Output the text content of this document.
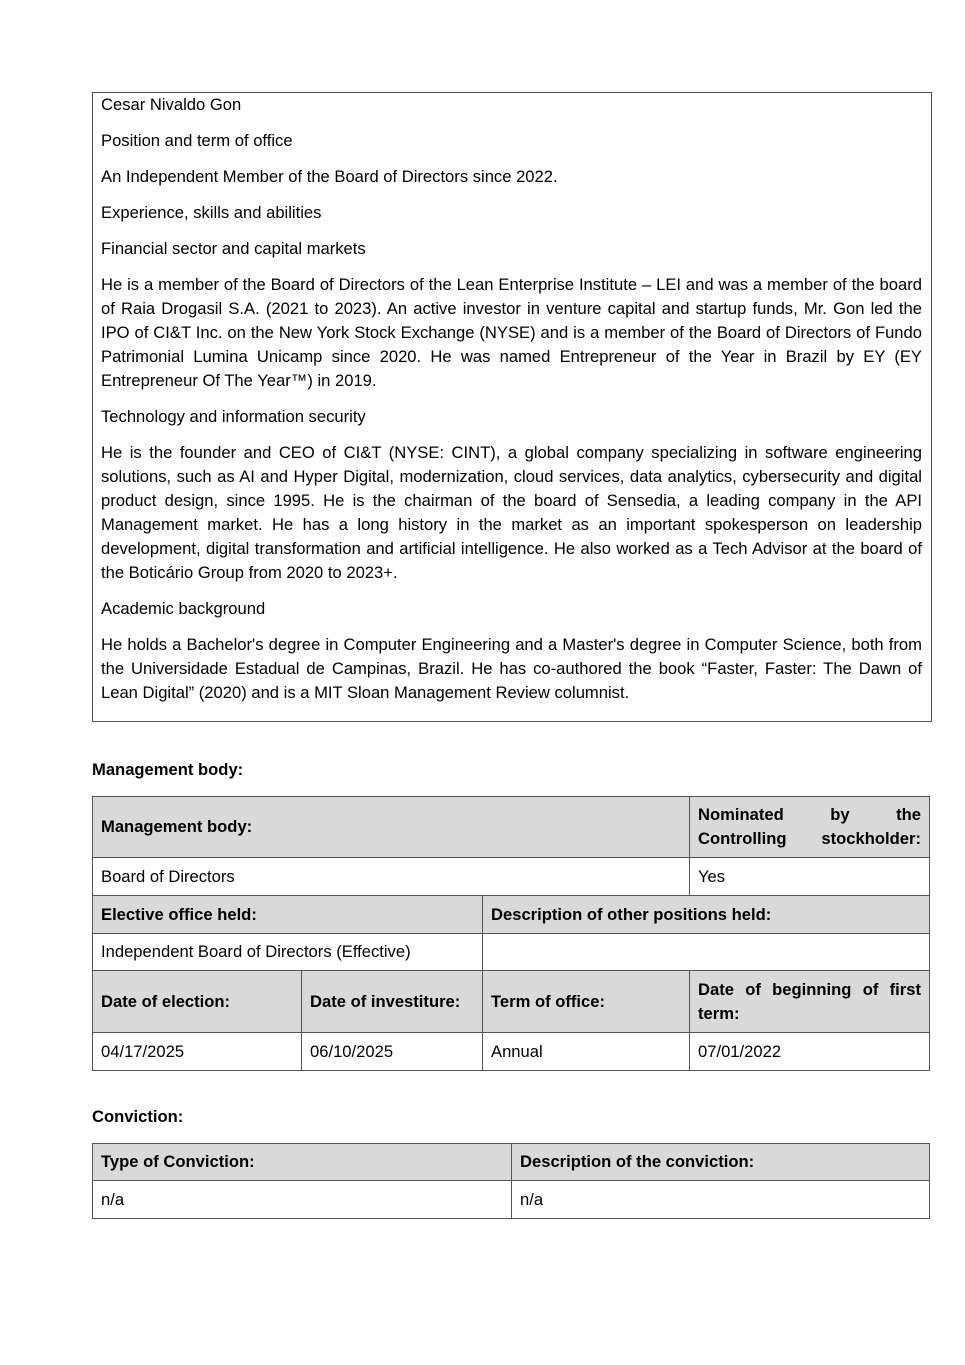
Cesar Nivaldo Gon

Position and term of office

An Independent Member of the Board of Directors since 2022.

Experience, skills and abilities

Financial sector and capital markets

He is a member of the Board of Directors of the Lean Enterprise Institute – LEI and was a member of the board of Raia Drogasil S.A. (2021 to 2023). An active investor in venture capital and startup funds, Mr. Gon led the IPO of CI&T Inc. on the New York Stock Exchange (NYSE) and is a member of the Board of Directors of Fundo Patrimonial Lumina Unicamp since 2020. He was named Entrepreneur of the Year in Brazil by EY (EY Entrepreneur Of The Year™) in 2019.

Technology and information security

He is the founder and CEO of CI&T (NYSE: CINT), a global company specializing in software engineering solutions, such as AI and Hyper Digital, modernization, cloud services, data analytics, cybersecurity and digital product design, since 1995. He is the chairman of the board of Sensedia, a leading company in the API Management market. He has a long history in the market as an important spokesperson on leadership development, digital transformation and artificial intelligence. He also worked as a Tech Advisor at the board of the Boticário Group from 2020 to 2023+.

Academic background

He holds a Bachelor's degree in Computer Engineering and a Master's degree in Computer Science, both from the Universidade Estadual de Campinas, Brazil. He has co-authored the book “Faster, Faster: The Dawn of Lean Digital” (2020) and is a MIT Sloan Management Review columnist.

Management body:
Management body:			Nominated by the Controlling stockholder:
Board of Directors			Yes
Elective office held:		Description of other positions held:	
Independent Board of Directors (Effective)			
Date of election:	Date of investiture:	Term of office:	Date of beginning of first term:
04/17/2025	06/10/2025	Annual	07/01/2022
Conviction:
Type of Conviction:	Description of the conviction:
n/a	n/a
